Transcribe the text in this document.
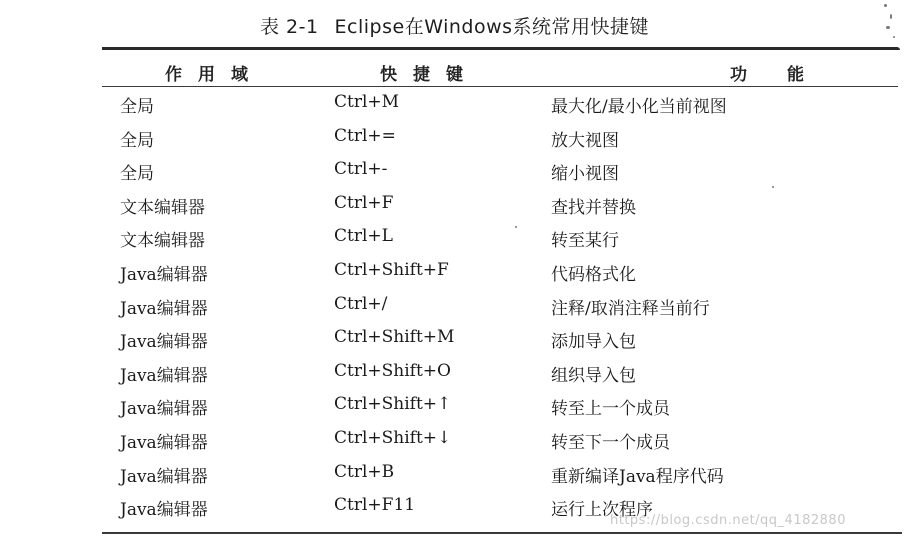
表 2-1 Eclipse在Windows系统常用快捷键
作用域	快捷键	功能
全局	Ctrl+M	最大化/最小化当前视图
全局	Ctrl+=	放大视图
全局	Ctrl+-	缩小视图
文本编辑器	Ctrl+F	查找并替换
文本编辑器	Ctrl+L	转至某行
Java编辑器	Ctrl+Shift+F	代码格式化
Java编辑器	Ctrl+/	注释/取消注释当前行
Java编辑器	Ctrl+Shift+M	添加导入包
Java编辑器	Ctrl+Shift+O	组织导入包
Java编辑器	Ctrl+Shift+↑	转至上一个成员
Java编辑器	Ctrl+Shift+↓	转至下一个成员
Java编辑器	Ctrl+B	重新编译Java程序代码
Java编辑器	Ctrl+F11	运行上次程序
https://blog.csdn.net/qq_4182880
